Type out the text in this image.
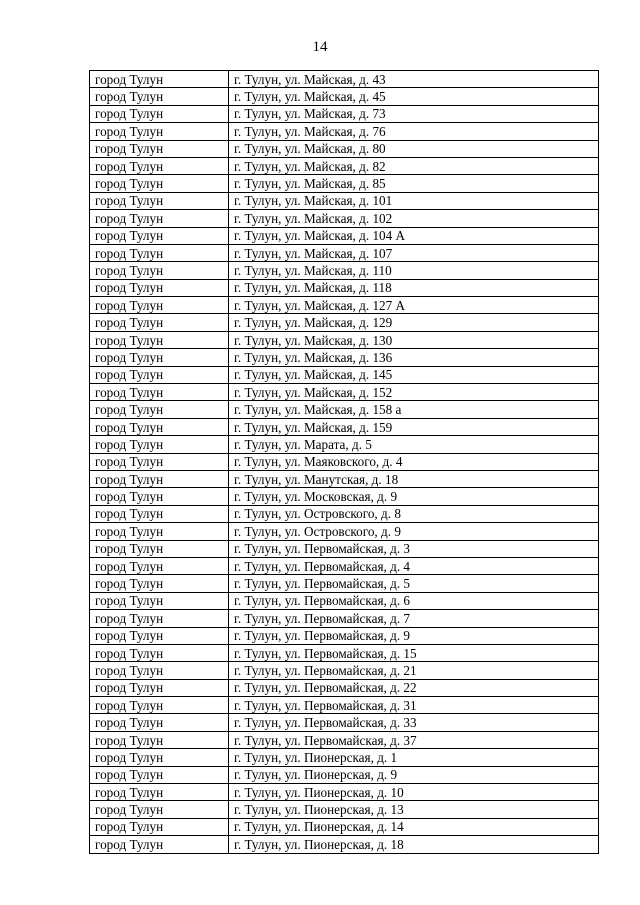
14
город Тулун	г. Тулун, ул. Майская, д. 43
город Тулун	г. Тулун, ул. Майская, д. 45
город Тулун	г. Тулун, ул. Майская, д. 73
город Тулун	г. Тулун, ул. Майская, д. 76
город Тулун	г. Тулун, ул. Майская, д. 80
город Тулун	г. Тулун, ул. Майская, д. 82
город Тулун	г. Тулун, ул. Майская, д. 85
город Тулун	г. Тулун, ул. Майская, д. 101
город Тулун	г. Тулун, ул. Майская, д. 102
город Тулун	г. Тулун, ул. Майская, д. 104 А
город Тулун	г. Тулун, ул. Майская, д. 107
город Тулун	г. Тулун, ул. Майская, д. 110
город Тулун	г. Тулун, ул. Майская, д. 118
город Тулун	г. Тулун, ул. Майская, д. 127 А
город Тулун	г. Тулун, ул. Майская, д. 129
город Тулун	г. Тулун, ул. Майская, д. 130
город Тулун	г. Тулун, ул. Майская, д. 136
город Тулун	г. Тулун, ул. Майская, д. 145
город Тулун	г. Тулун, ул. Майская, д. 152
город Тулун	г. Тулун, ул. Майская, д. 158 а
город Тулун	г. Тулун, ул. Майская, д. 159
город Тулун	г. Тулун, ул. Марата, д. 5
город Тулун	г. Тулун, ул. Маяковского, д. 4
город Тулун	г. Тулун, ул. Манутская, д. 18
город Тулун	г. Тулун, ул. Московская, д. 9
город Тулун	г. Тулун, ул. Островского, д. 8
город Тулун	г. Тулун, ул. Островского, д. 9
город Тулун	г. Тулун, ул. Первомайская, д. 3
город Тулун	г. Тулун, ул. Первомайская, д. 4
город Тулун	г. Тулун, ул. Первомайская, д. 5
город Тулун	г. Тулун, ул. Первомайская, д. 6
город Тулун	г. Тулун, ул. Первомайская, д. 7
город Тулун	г. Тулун, ул. Первомайская, д. 9
город Тулун	г. Тулун, ул. Первомайская, д. 15
город Тулун	г. Тулун, ул. Первомайская, д. 21
город Тулун	г. Тулун, ул. Первомайская, д. 22
город Тулун	г. Тулун, ул. Первомайская, д. 31
город Тулун	г. Тулун, ул. Первомайская, д. 33
город Тулун	г. Тулун, ул. Первомайская, д. 37
город Тулун	г. Тулун, ул. Пионерская, д. 1
город Тулун	г. Тулун, ул. Пионерская, д. 9
город Тулун	г. Тулун, ул. Пионерская, д. 10
город Тулун	г. Тулун, ул. Пионерская, д. 13
город Тулун	г. Тулун, ул. Пионерская, д. 14
город Тулун	г. Тулун, ул. Пионерская, д. 18
